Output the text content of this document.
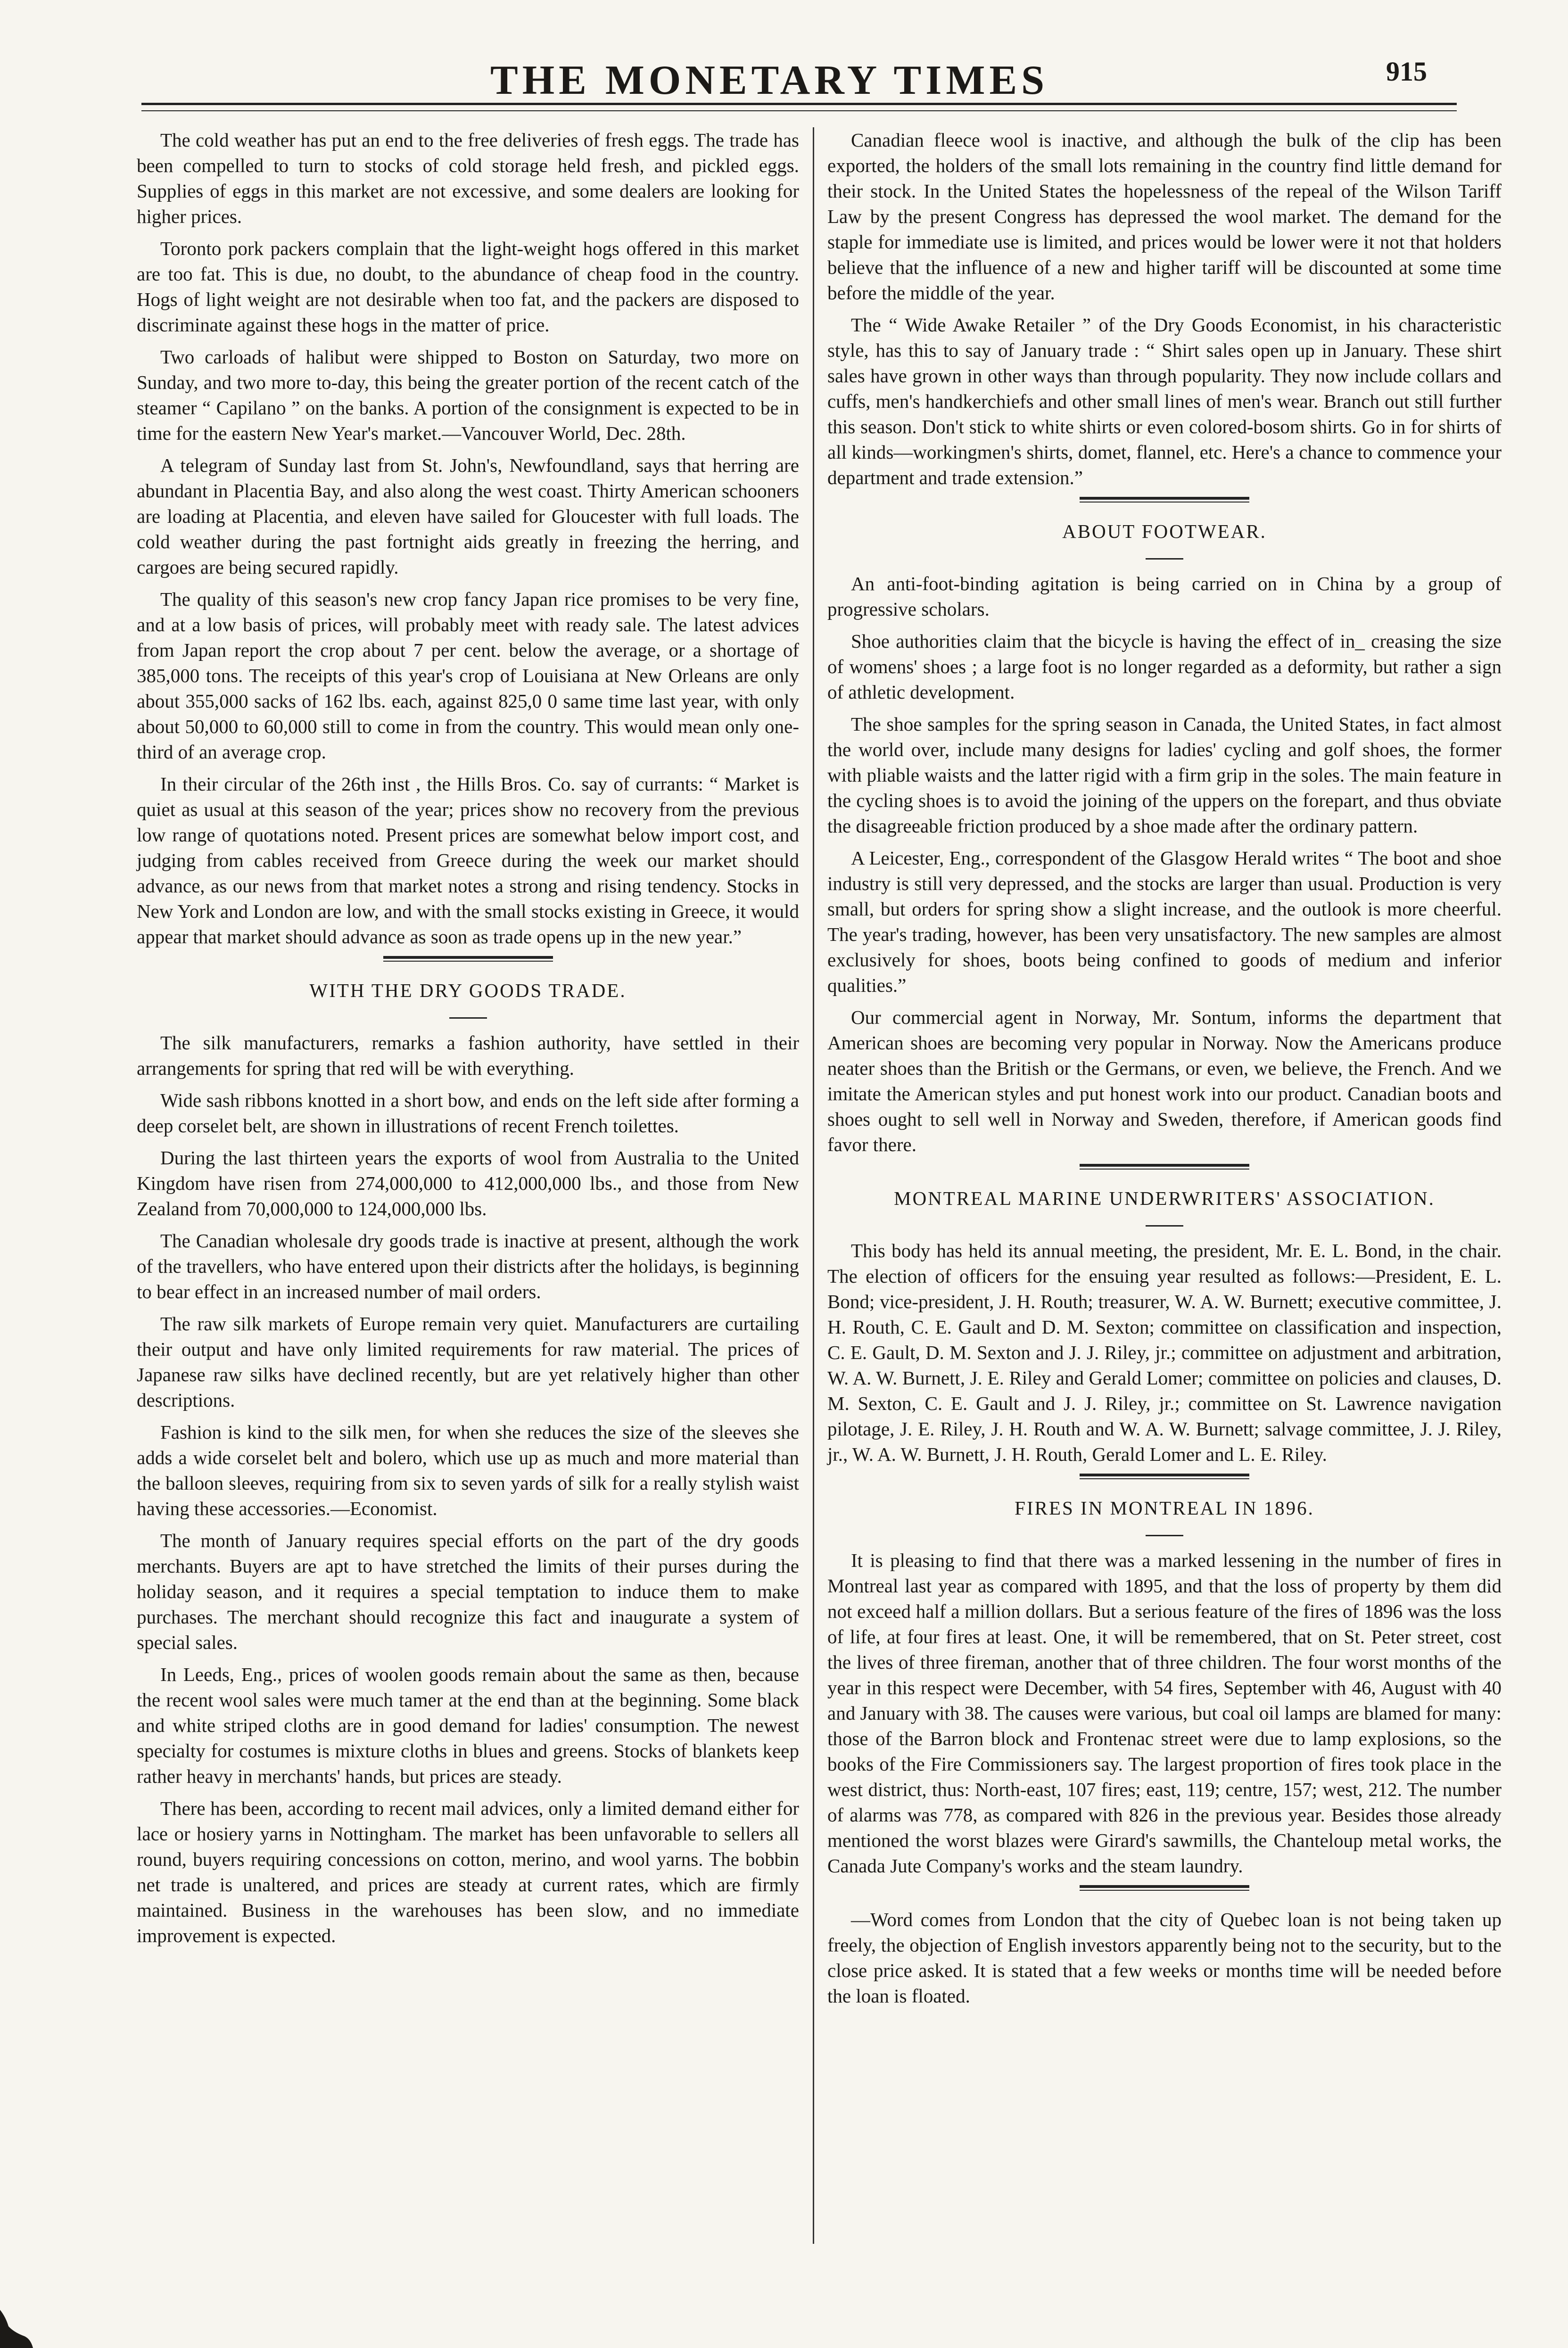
THE MONETARY TIMES	915

The cold weather has put an end to the free deliveries of fresh eggs. The trade has been compelled to turn to stocks of cold storage held fresh, and pickled eggs. Supplies of eggs in this market are not excessive, and some dealers are looking for higher prices.

Toronto pork packers complain that the light-weight hogs offered in this market are too fat. This is due, no doubt, to the abundance of cheap food in the country. Hogs of light weight are not desirable when too fat, and the packers are disposed to discriminate against these hogs in the matter of price.

Two carloads of halibut were shipped to Boston on Saturday, two more on Sunday, and two more to-day, this being the greater portion of the recent catch of the steamer “ Capilano ” on the banks. A portion of the consignment is expected to be in time for the eastern New Year's market.—Vancouver World, Dec. 28th.

A telegram of Sunday last from St. John's, Newfoundland, says that herring are abundant in Placentia Bay, and also along the west coast. Thirty American schooners are loading at Placentia, and eleven have sailed for Gloucester with full loads. The cold weather during the past fortnight aids greatly in freezing the herring, and cargoes are being secured rapidly.

The quality of this season's new crop fancy Japan rice promises to be very fine, and at a low basis of prices, will probably meet with ready sale. The latest advices from Japan report the crop about 7 per cent. below the average, or a shortage of 385,000 tons. The receipts of this year's crop of Louisiana at New Orleans are only about 355,000 sacks of 162 lbs. each, against 825,0 0 same time last year, with only about 50,000 to 60,000 still to come in from the country. This would mean only one-third of an average crop.

In their circular of the 26th inst , the Hills Bros. Co. say of currants: “ Market is quiet as usual at this season of the year; prices show no recovery from the previous low range of quotations noted. Present prices are somewhat below import cost, and judging from cables received from Greece during the week our market should advance, as our news from that market notes a strong and rising tendency. Stocks in New York and London are low, and with the small stocks existing in Greece, it would appear that market should advance as soon as trade opens up in the new year.”

WITH THE DRY GOODS TRADE.

The silk manufacturers, remarks a fashion authority, have settled in their arrangements for spring that red will be with everything.

Wide sash ribbons knotted in a short bow, and ends on the left side after forming a deep corselet belt, are shown in illustrations of recent French toilettes.

During the last thirteen years the exports of wool from Australia to the United Kingdom have risen from 274,000,000 to 412,000,000 lbs., and those from New Zealand from 70,000,000 to 124,000,000 lbs.

The Canadian wholesale dry goods trade is inactive at present, although the work of the travellers, who have entered upon their districts after the holidays, is beginning to bear effect in an increased number of mail orders.

The raw silk markets of Europe remain very quiet. Manufacturers are curtailing their output and have only limited requirements for raw material. The prices of Japanese raw silks have declined recently, but are yet relatively higher than other descriptions.

Fashion is kind to the silk men, for when she reduces the size of the sleeves she adds a wide corselet belt and bolero, which use up as much and more material than the balloon sleeves, requiring from six to seven yards of silk for a really stylish waist having these accessories.—Economist.

The month of January requires special efforts on the part of the dry goods merchants. Buyers are apt to have stretched the limits of their purses during the holiday season, and it requires a special temptation to induce them to make purchases. The merchant should recognize this fact and inaugurate a system of special sales.

In Leeds, Eng., prices of woolen goods remain about the same as then, because the recent wool sales were much tamer at the end than at the beginning. Some black and white striped cloths are in good demand for ladies' consumption. The newest specialty for costumes is mixture cloths in blues and greens. Stocks of blankets keep rather heavy in merchants' hands, but prices are steady.

There has been, according to recent mail advices, only a limited demand either for lace or hosiery yarns in Nottingham. The market has been unfavorable to sellers all round, buyers requiring concessions on cotton, merino, and wool yarns. The bobbin net trade is unaltered, and prices are steady at current rates, which are firmly maintained. Business in the warehouses has been slow, and no immediate improvement is expected.

Canadian fleece wool is inactive, and although the bulk of the clip has been exported, the holders of the small lots remaining in the country find little demand for their stock. In the United States the hopelessness of the repeal of the Wilson Tariff Law by the present Congress has depressed the wool market. The demand for the staple for immediate use is limited, and prices would be lower were it not that holders believe that the influence of a new and higher tariff will be discounted at some time before the middle of the year.

The “ Wide Awake Retailer ” of the Dry Goods Economist, in his characteristic style, has this to say of January trade : “ Shirt sales open up in January. These shirt sales have grown in other ways than through popularity. They now include collars and cuffs, men's handkerchiefs and other small lines of men's wear. Branch out still further this season. Don't stick to white shirts or even colored-bosom shirts. Go in for shirts of all kinds—workingmen's shirts, domet, flannel, etc. Here's a chance to commence your department and trade extension.”

ABOUT FOOTWEAR.

An anti-foot-binding agitation is being carried on in China by a group of progressive scholars.

Shoe authorities claim that the bicycle is having the effect of in_ creasing the size of womens' shoes ; a large foot is no longer regarded as a deformity, but rather a sign of athletic development.

The shoe samples for the spring season in Canada, the United States, in fact almost the world over, include many designs for ladies' cycling and golf shoes, the former with pliable waists and the latter rigid with a firm grip in the soles. The main feature in the cycling shoes is to avoid the joining of the uppers on the forepart, and thus obviate the disagreeable friction produced by a shoe made after the ordinary pattern.

A Leicester, Eng., correspondent of the Glasgow Herald writes “ The boot and shoe industry is still very depressed, and the stocks are larger than usual. Production is very small, but orders for spring show a slight increase, and the outlook is more cheerful. The year's trading, however, has been very unsatisfactory. The new samples are almost exclusively for shoes, boots being confined to goods of medium and inferior qualities.”

Our commercial agent in Norway, Mr. Sontum, informs the department that American shoes are becoming very popular in Norway. Now the Americans produce neater shoes than the British or the Germans, or even, we believe, the French. And we imitate the American styles and put honest work into our product. Canadian boots and shoes ought to sell well in Norway and Sweden, therefore, if American goods find favor there.

MONTREAL MARINE UNDERWRITERS' ASSOCIATION.

This body has held its annual meeting, the president, Mr. E. L. Bond, in the chair. The election of officers for the ensuing year resulted as follows:—President, E. L. Bond; vice-president, J. H. Routh; treasurer, W. A. W. Burnett; executive committee, J. H. Routh, C. E. Gault and D. M. Sexton; committee on classification and inspection, C. E. Gault, D. M. Sexton and J. J. Riley, jr.; committee on adjustment and arbitration, W. A. W. Burnett, J. E. Riley and Gerald Lomer; committee on policies and clauses, D. M. Sexton, C. E. Gault and J. J. Riley, jr.; committee on St. Lawrence navigation pilotage, J. E. Riley, J. H. Routh and W. A. W. Burnett; salvage committee, J. J. Riley, jr., W. A. W. Burnett, J. H. Routh, Gerald Lomer and L. E. Riley.

FIRES IN MONTREAL IN 1896.

It is pleasing to find that there was a marked lessening in the number of fires in Montreal last year as compared with 1895, and that the loss of property by them did not exceed half a million dollars. But a serious feature of the fires of 1896 was the loss of life, at four fires at least. One, it will be remembered, that on St. Peter street, cost the lives of three fireman, another that of three children. The four worst months of the year in this respect were December, with 54 fires, September with 46, August with 40 and January with 38. The causes were various, but coal oil lamps are blamed for many: those of the Barron block and Frontenac street were due to lamp explosions, so the books of the Fire Commissioners say. The largest proportion of fires took place in the west district, thus: North-east, 107 fires; east, 119; centre, 157; west, 212. The number of alarms was 778, as compared with 826 in the previous year. Besides those already mentioned the worst blazes were Girard's sawmills, the Chanteloup metal works, the Canada Jute Company's works and the steam laundry.

—Word comes from London that the city of Quebec loan is not being taken up freely, the objection of English investors apparently being not to the security, but to the close price asked. It is stated that a few weeks or months time will be needed before the loan is floated.
